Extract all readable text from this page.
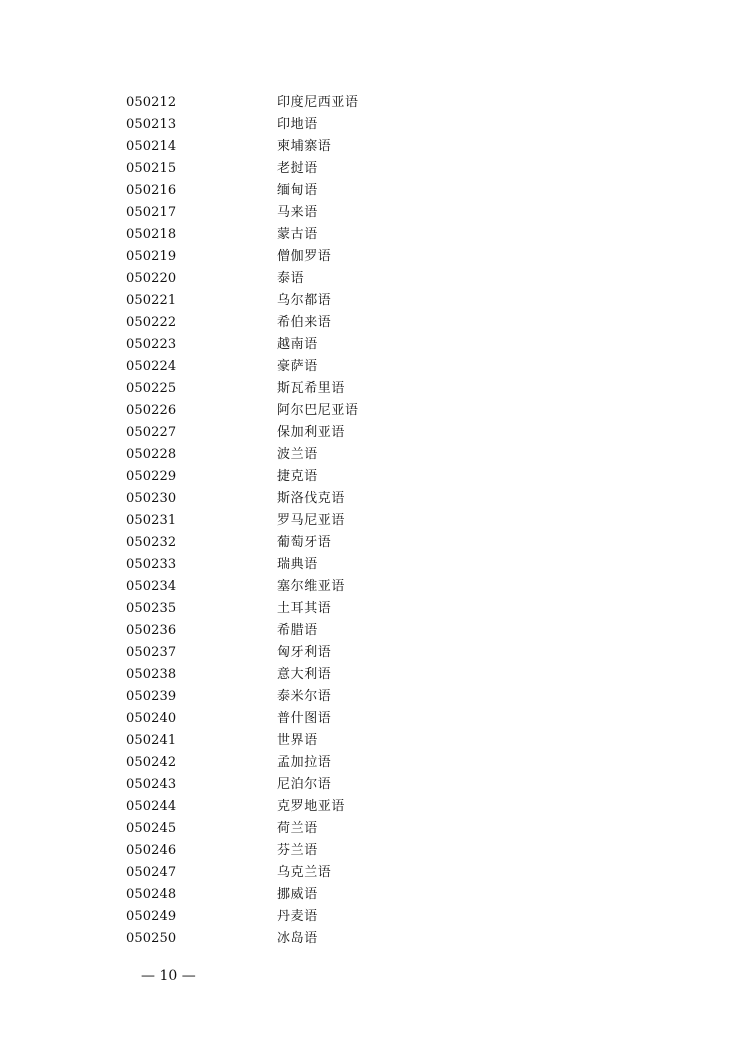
050212	印度尼西亚语
050213	印地语
050214	柬埔寨语
050215	老挝语
050216	缅甸语
050217	马来语
050218	蒙古语
050219	僧伽罗语
050220	泰语
050221	乌尔都语
050222	希伯来语
050223	越南语
050224	豪萨语
050225	斯瓦希里语
050226	阿尔巴尼亚语
050227	保加利亚语
050228	波兰语
050229	捷克语
050230	斯洛伐克语
050231	罗马尼亚语
050232	葡萄牙语
050233	瑞典语
050234	塞尔维亚语
050235	土耳其语
050236	希腊语
050237	匈牙利语
050238	意大利语
050239	泰米尔语
050240	普什图语
050241	世界语
050242	孟加拉语
050243	尼泊尔语
050244	克罗地亚语
050245	荷兰语
050246	芬兰语
050247	乌克兰语
050248	挪威语
050249	丹麦语
050250	冰岛语
— 10 —
